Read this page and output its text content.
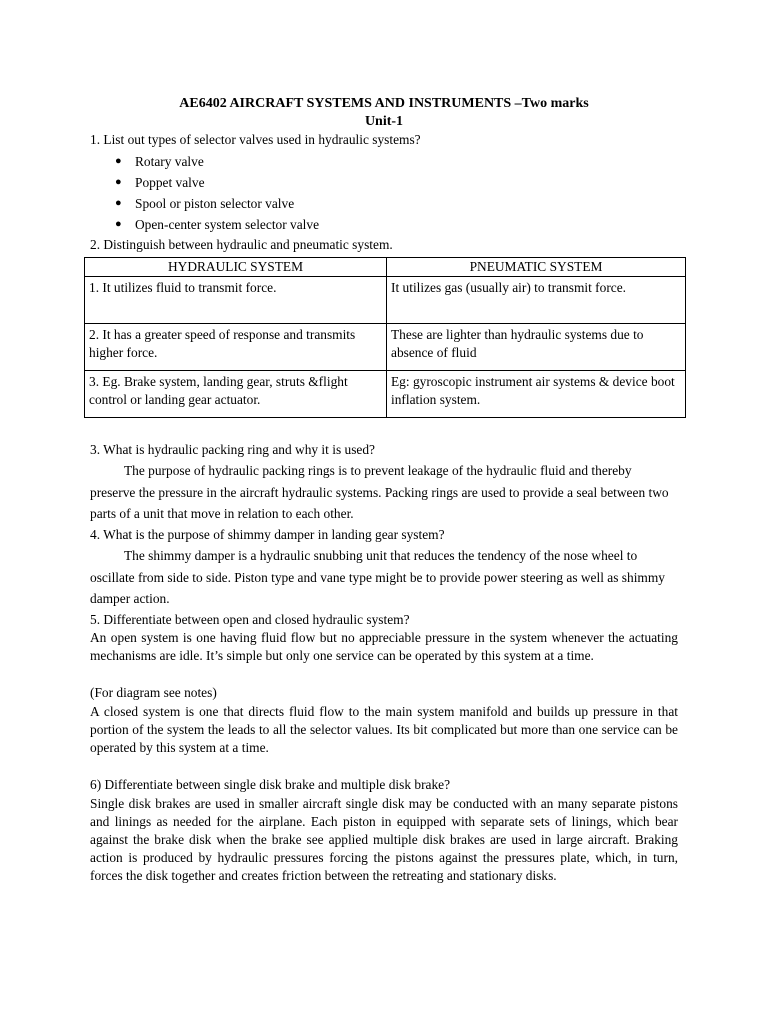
AE6402 AIRCRAFT SYSTEMS AND INSTRUMENTS –Two marks
Unit-1
1. List out types of selector valves used in hydraulic systems?
● Rotary valve
● Poppet valve
● Spool or piston selector valve
● Open-center system selector valve
2. Distinguish between hydraulic and pneumatic system.
HYDRAULIC SYSTEM	PNEUMATIC SYSTEM
1. It utilizes fluid to transmit force.	It utilizes gas (usually air) to transmit force.
2. It has a greater speed of response and transmits higher force.	These are lighter than hydraulic systems due to absence of fluid
3. Eg. Brake system, landing gear, struts &flight control or landing gear actuator.	Eg: gyroscopic instrument air systems & device boot inflation system.
3. What is hydraulic packing ring and why it is used?
The purpose of hydraulic packing rings is to prevent leakage of the hydraulic fluid and thereby preserve the pressure in the aircraft hydraulic systems. Packing rings are used to provide a seal between two parts of a unit that move in relation to each other.
4. What is the purpose of shimmy damper in landing gear system?
The shimmy damper is a hydraulic snubbing unit that reduces the tendency of the nose wheel to oscillate from side to side. Piston type and vane type might be to provide power steering as well as shimmy damper action.
5. Differentiate between open and closed hydraulic system?
An open system is one having fluid flow but no appreciable pressure in the system whenever the actuating mechanisms are idle. It’s simple but only one service can be operated by this system at a time.
(For diagram see notes)
A closed system is one that directs fluid flow to the main system manifold and builds up pressure in that portion of the system the leads to all the selector values. Its bit complicated but more than one service can be operated by this system at a time.
6) Differentiate between single disk brake and multiple disk brake?
Single disk brakes are used in smaller aircraft single disk may be conducted with an many separate pistons and linings as needed for the airplane. Each piston in equipped with separate sets of linings, which bear against the brake disk when the brake see applied multiple disk brakes are used in large aircraft. Braking action is produced by hydraulic pressures forcing the pistons against the pressures plate, which, in turn, forces the disk together and creates friction between the retreating and stationary disks.
